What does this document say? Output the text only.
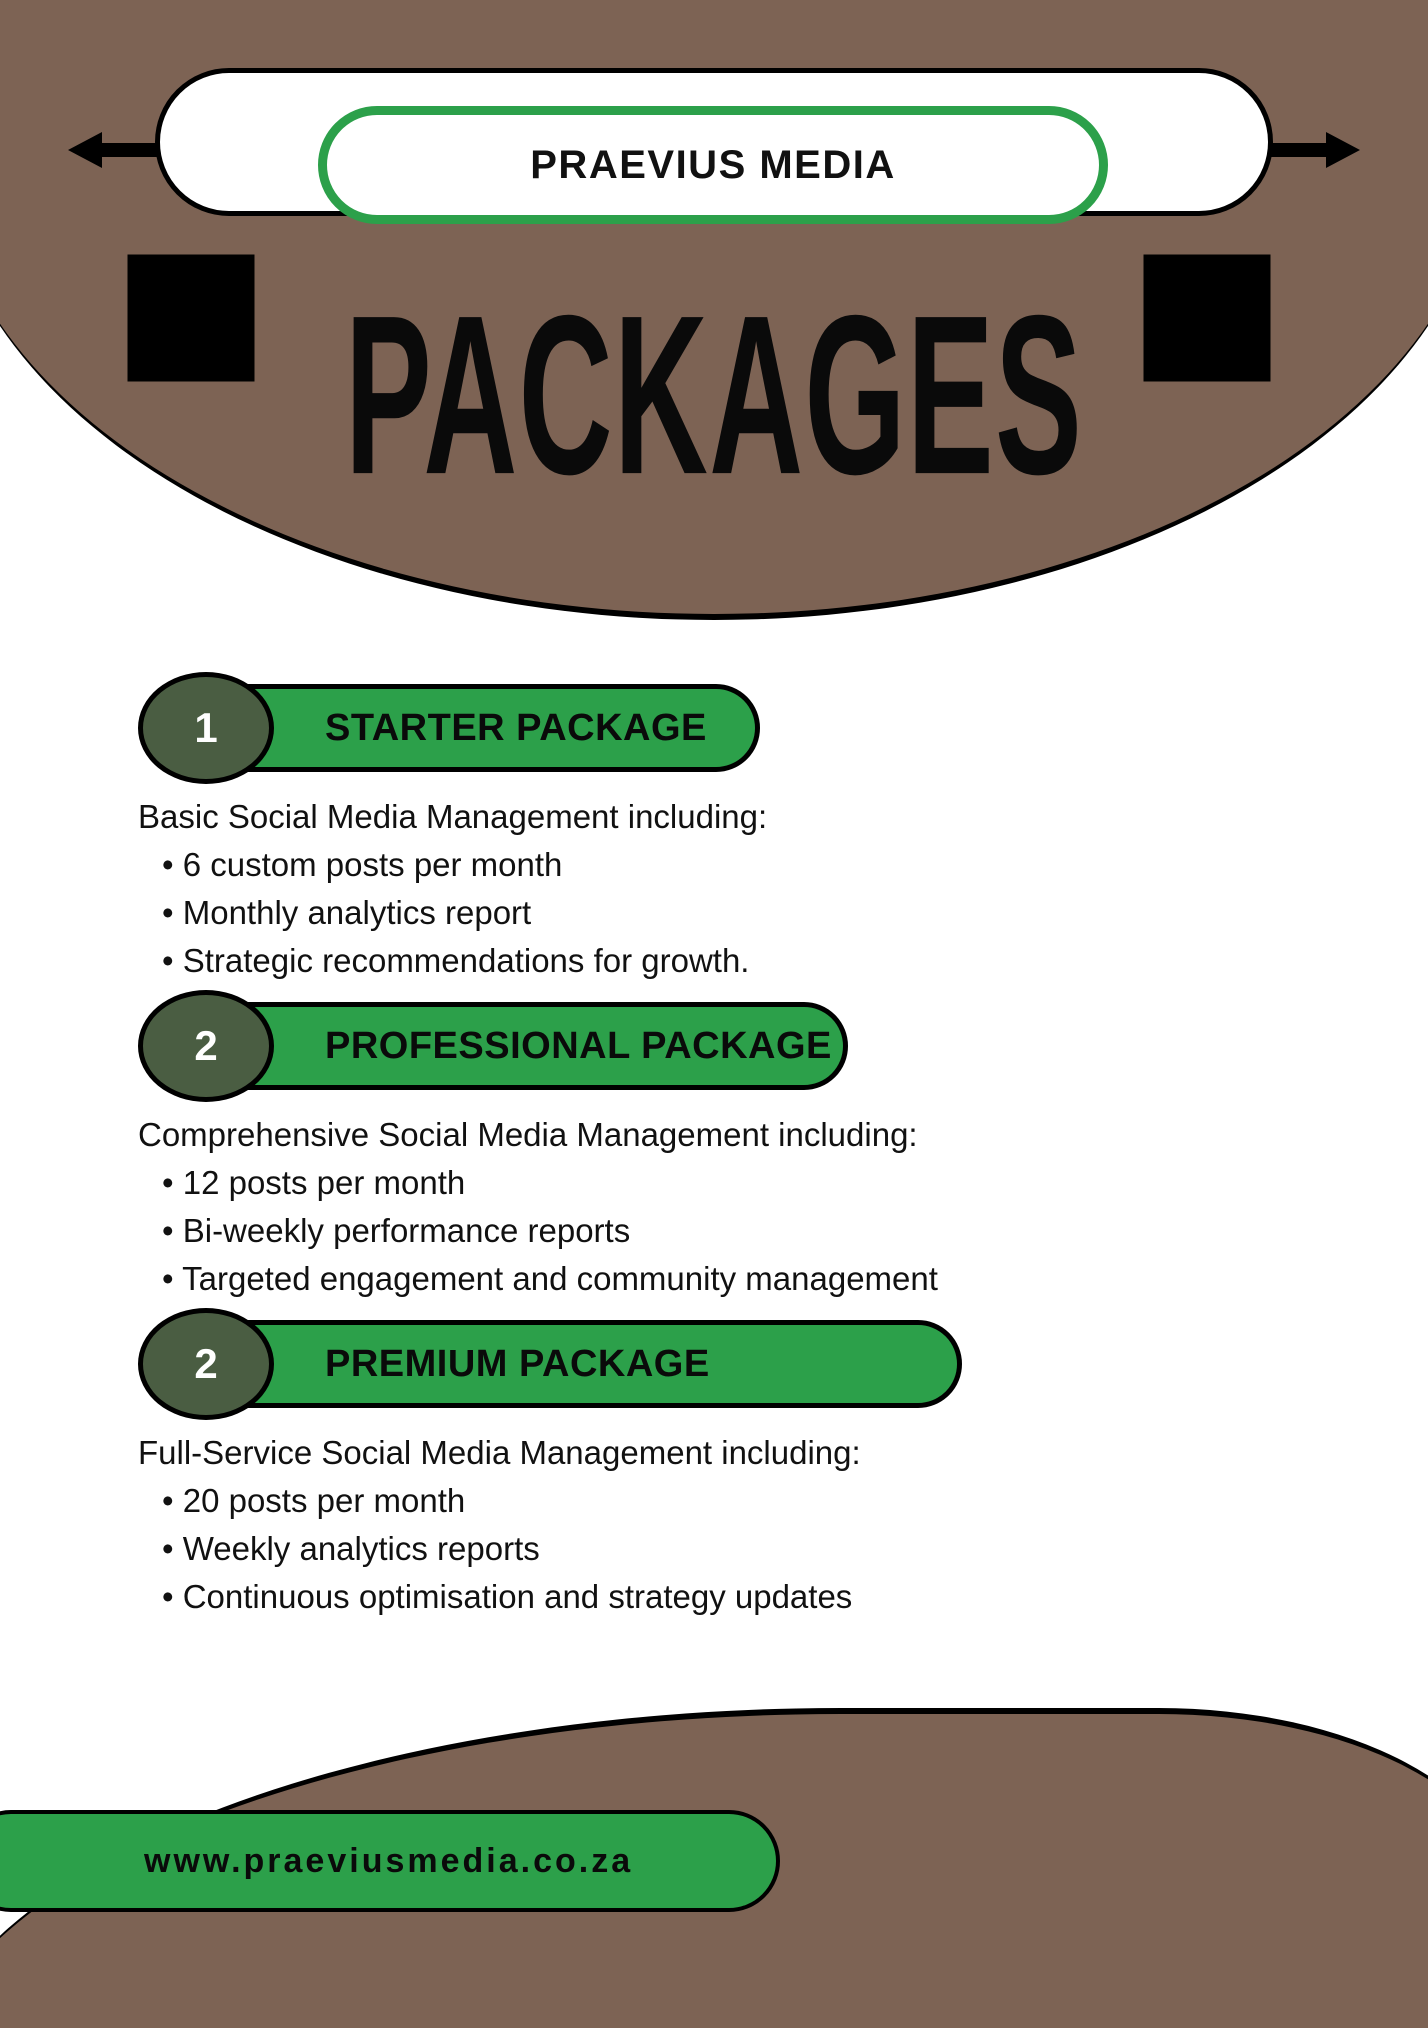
PRAEVIUS MEDIA
PACKAGES
STARTER PACKAGE
1
Basic Social Media Management including:

• 6 custom posts per month

• Monthly analytics report

• Strategic recommendations for growth.

PROFESSIONAL PACKAGE
2
Comprehensive Social Media Management including:

• 12 posts per month

• Bi-weekly performance reports

• Targeted engagement and community management

PREMIUM PACKAGE
2
Full-Service Social Media Management including:

• 20 posts per month

• Weekly analytics reports

• Continuous optimisation and strategy updates

www.praeviusmedia.co.za
